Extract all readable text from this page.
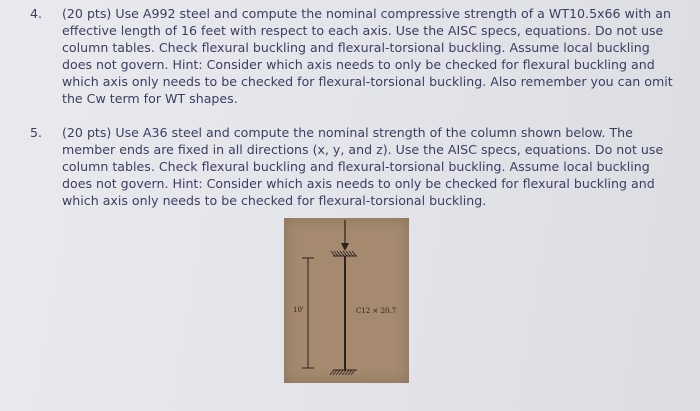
4. (20 pts) Use A992 steel and compute the nominal compressive strength of a WT10.5x66 with an
effective length of 16 feet with respect to each axis. Use the AISC specs, equations. Do not use
column tables. Check flexural buckling and flexural-torsional buckling. Assume local buckling
does not govern. Hint: Consider which axis needs to only be checked for flexural buckling and
which axis only needs to be checked for flexural-torsional buckling. Also remember you can omit
the Cw term for WT shapes.
5. (20 pts) Use A36 steel and compute the nominal strength of the column shown below. The
member ends are fixed in all directions (x, y, and z). Use the AISC specs, equations. Do not use
column tables. Check flexural buckling and flexural-torsional buckling. Assume local buckling
does not govern. Hint: Consider which axis needs to only be checked for flexural buckling and
which axis only needs to be checked for flexural-torsional buckling.
10'	C12 × 20.7
